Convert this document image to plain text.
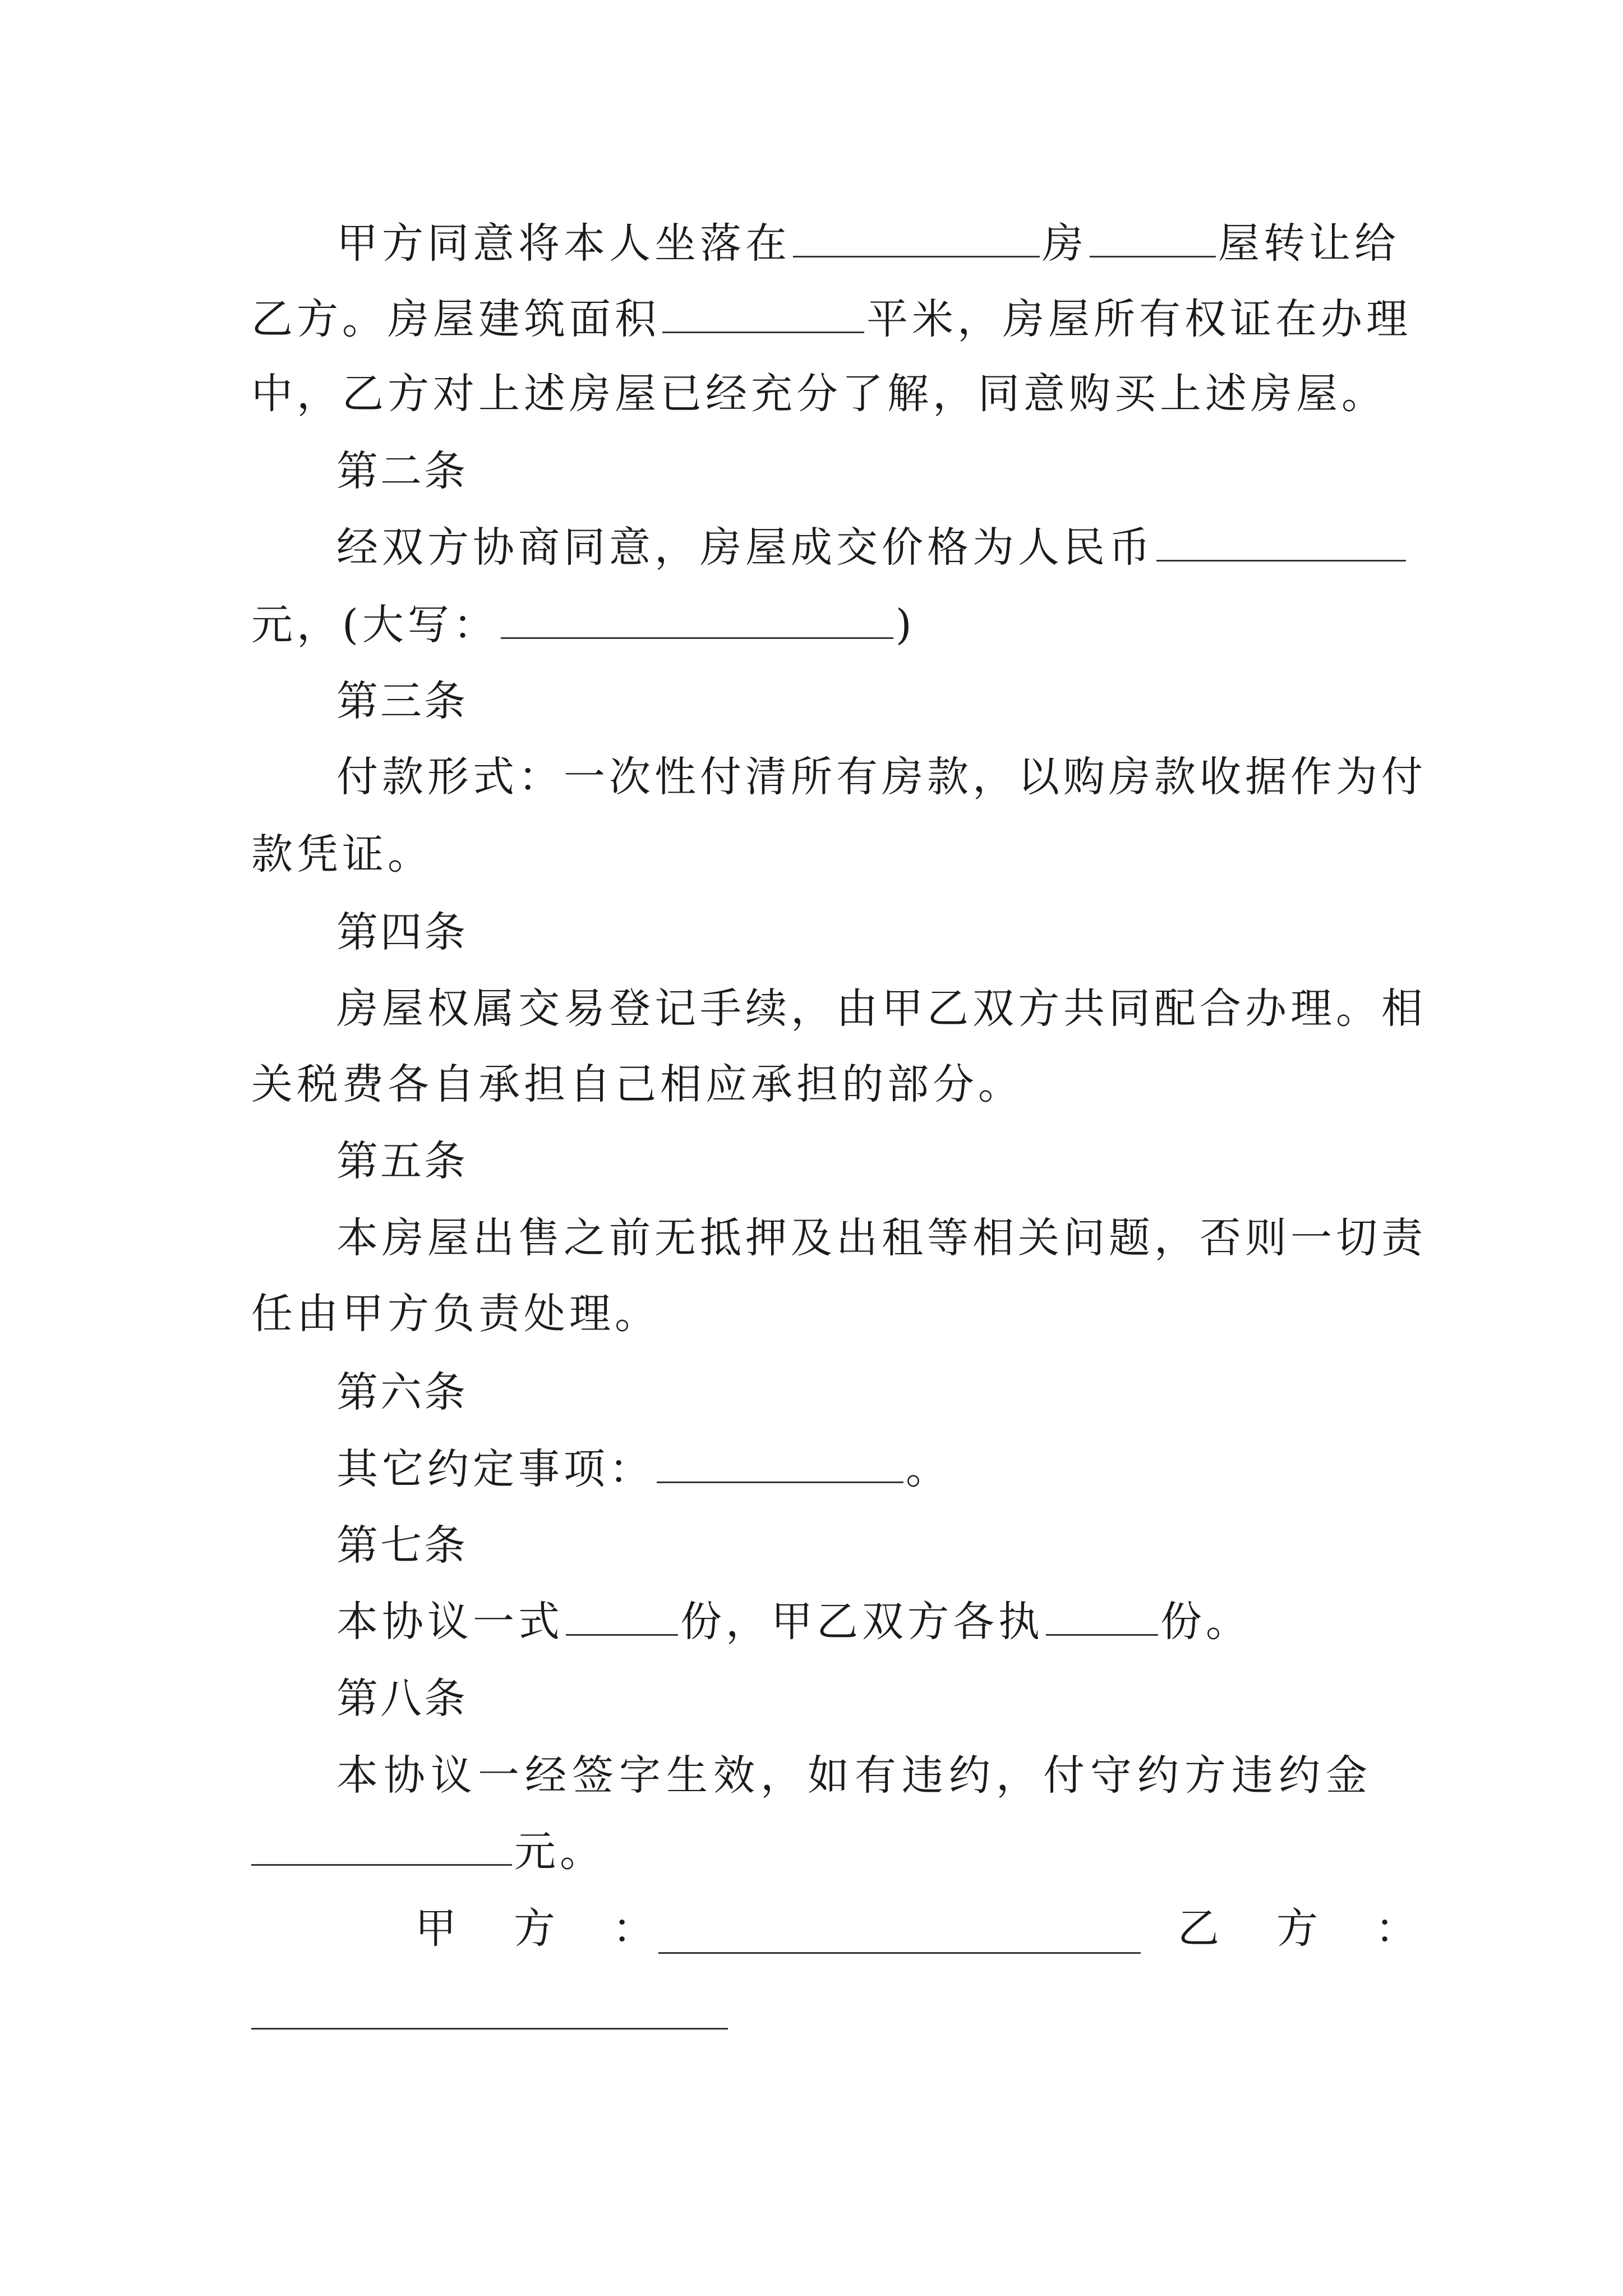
甲方同意将本人坐落在	房	屋转让给
乙方。房屋建筑面积	平米，房屋所有权证在办理
中，乙方对上述房屋已经充分了解，同意购买上述房屋。
第二条
经双方协商同意，房屋成交价格为人民币
元，(大写：	)
第三条
付款形式：一次性付清所有房款，以购房款收据作为付
款凭证。
第四条
房屋权属交易登记手续，由甲乙双方共同配合办理。相
关税费各自承担自己相应承担的部分。
第五条
本房屋出售之前无抵押及出租等相关问题，否则一切责
任由甲方负责处理。
第六条
其它约定事项：	。
第七条
本协议一式	份，甲乙双方各执	份。
第八条
本协议一经签字生效，如有违约，付守约方违约金
元。
甲　方　：	乙　方　：
